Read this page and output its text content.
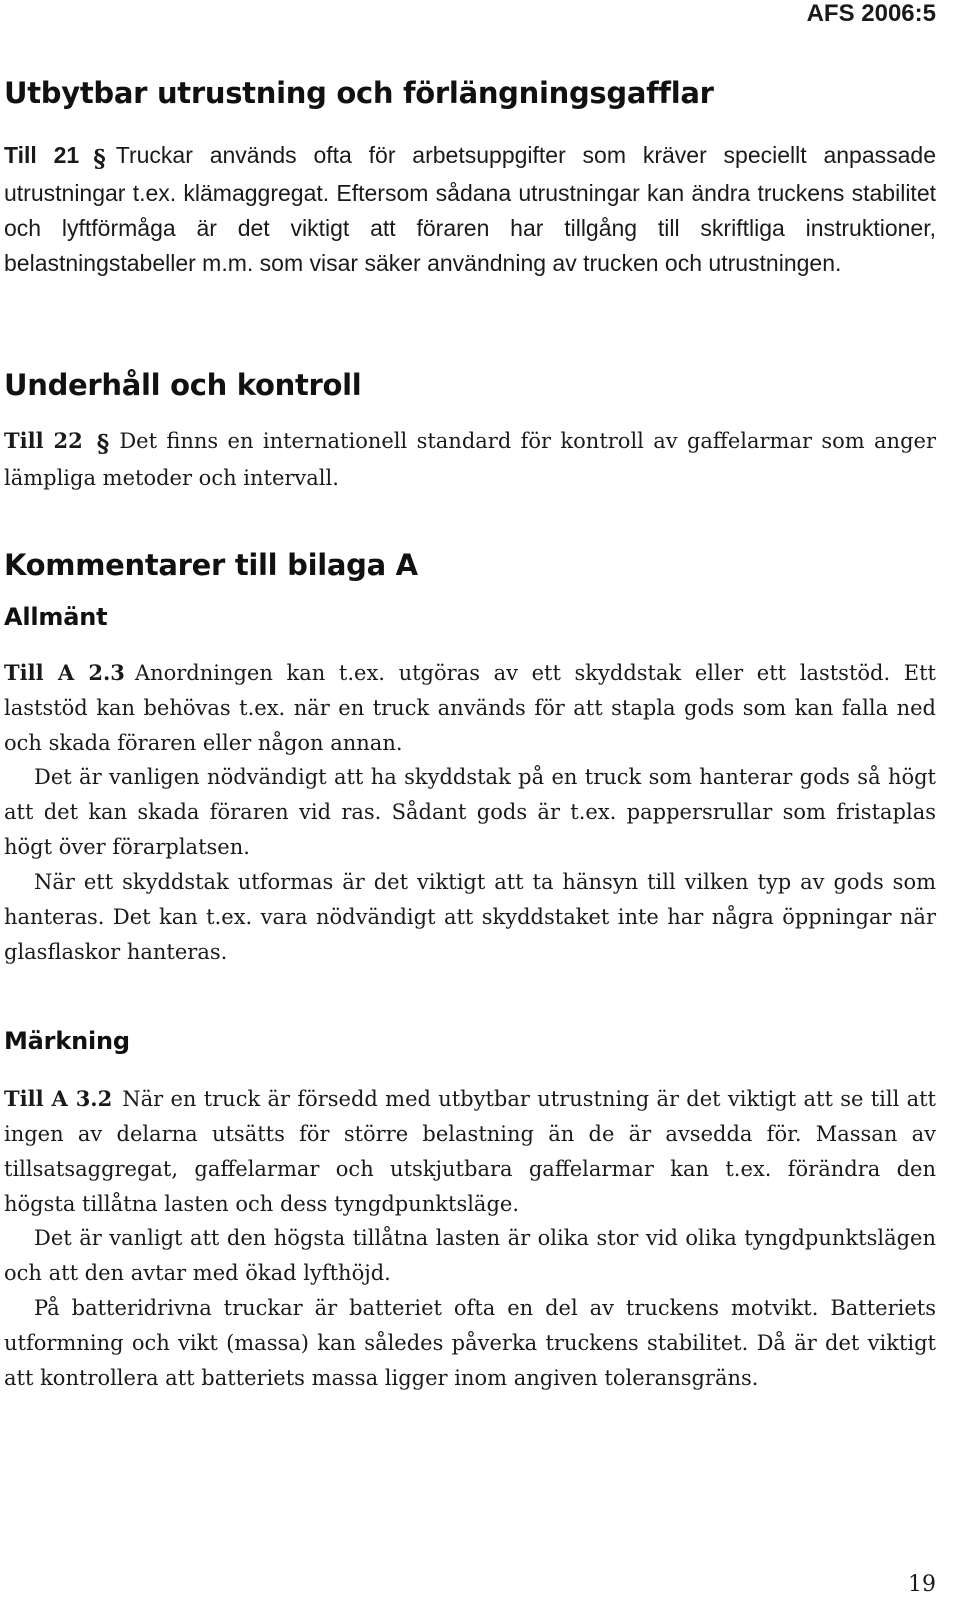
AFS 2006:5
Utbytbar utrustning och förlängningsgafflar

Till 21 § Truckar används ofta för arbetsuppgifter som kräver speciellt anpassade utrustningar t.ex. klämaggregat. Eftersom sådana utrustningar kan ändra truckens stabilitet och lyftförmåga är det viktigt att föraren har tillgång till skriftliga instruktioner, belastningstabeller m.m. som visar säker användning av trucken och utrustningen.

Underhåll och kontroll

Till 22 § Det finns en internationell standard för kontroll av gaffelarmar som anger lämpliga metoder och intervall.

Kommentarer till bilaga A
Allmänt

Till A 2.3 Anordningen kan t.ex. utgöras av ett skyddstak eller ett laststöd. Ett laststöd kan behövas t.ex. när en truck används för att stapla gods som kan falla ned och skada föraren eller någon annan.

Det är vanligen nödvändigt att ha skyddstak på en truck som hanterar gods så högt att det kan skada föraren vid ras. Sådant gods är t.ex. pappersrullar som fristaplas högt över förarplatsen.

När ett skyddstak utformas är det viktigt att ta hänsyn till vilken typ av gods som hanteras. Det kan t.ex. vara nödvändigt att skyddstaket inte har några öppningar när glasflaskor hanteras.

Märkning

Till A 3.2 När en truck är försedd med utbytbar utrustning är det viktigt att se till att ingen av delarna utsätts för större belastning än de är avsedda för. Massan av tillsatsaggregat, gaffelarmar och utskjutbara gaffelarmar kan t.ex. förändra den högsta tillåtna lasten och dess tyngdpunktsläge.

Det är vanligt att den högsta tillåtna lasten är olika stor vid olika tyngdpunktslägen och att den avtar med ökad lyfthöjd.

På batteridrivna truckar är batteriet ofta en del av truckens motvikt. Batteriets utformning och vikt (massa) kan således påverka truckens stabilitet. Då är det viktigt att kontrollera att batteriets massa ligger inom angiven toleransgräns.

19
